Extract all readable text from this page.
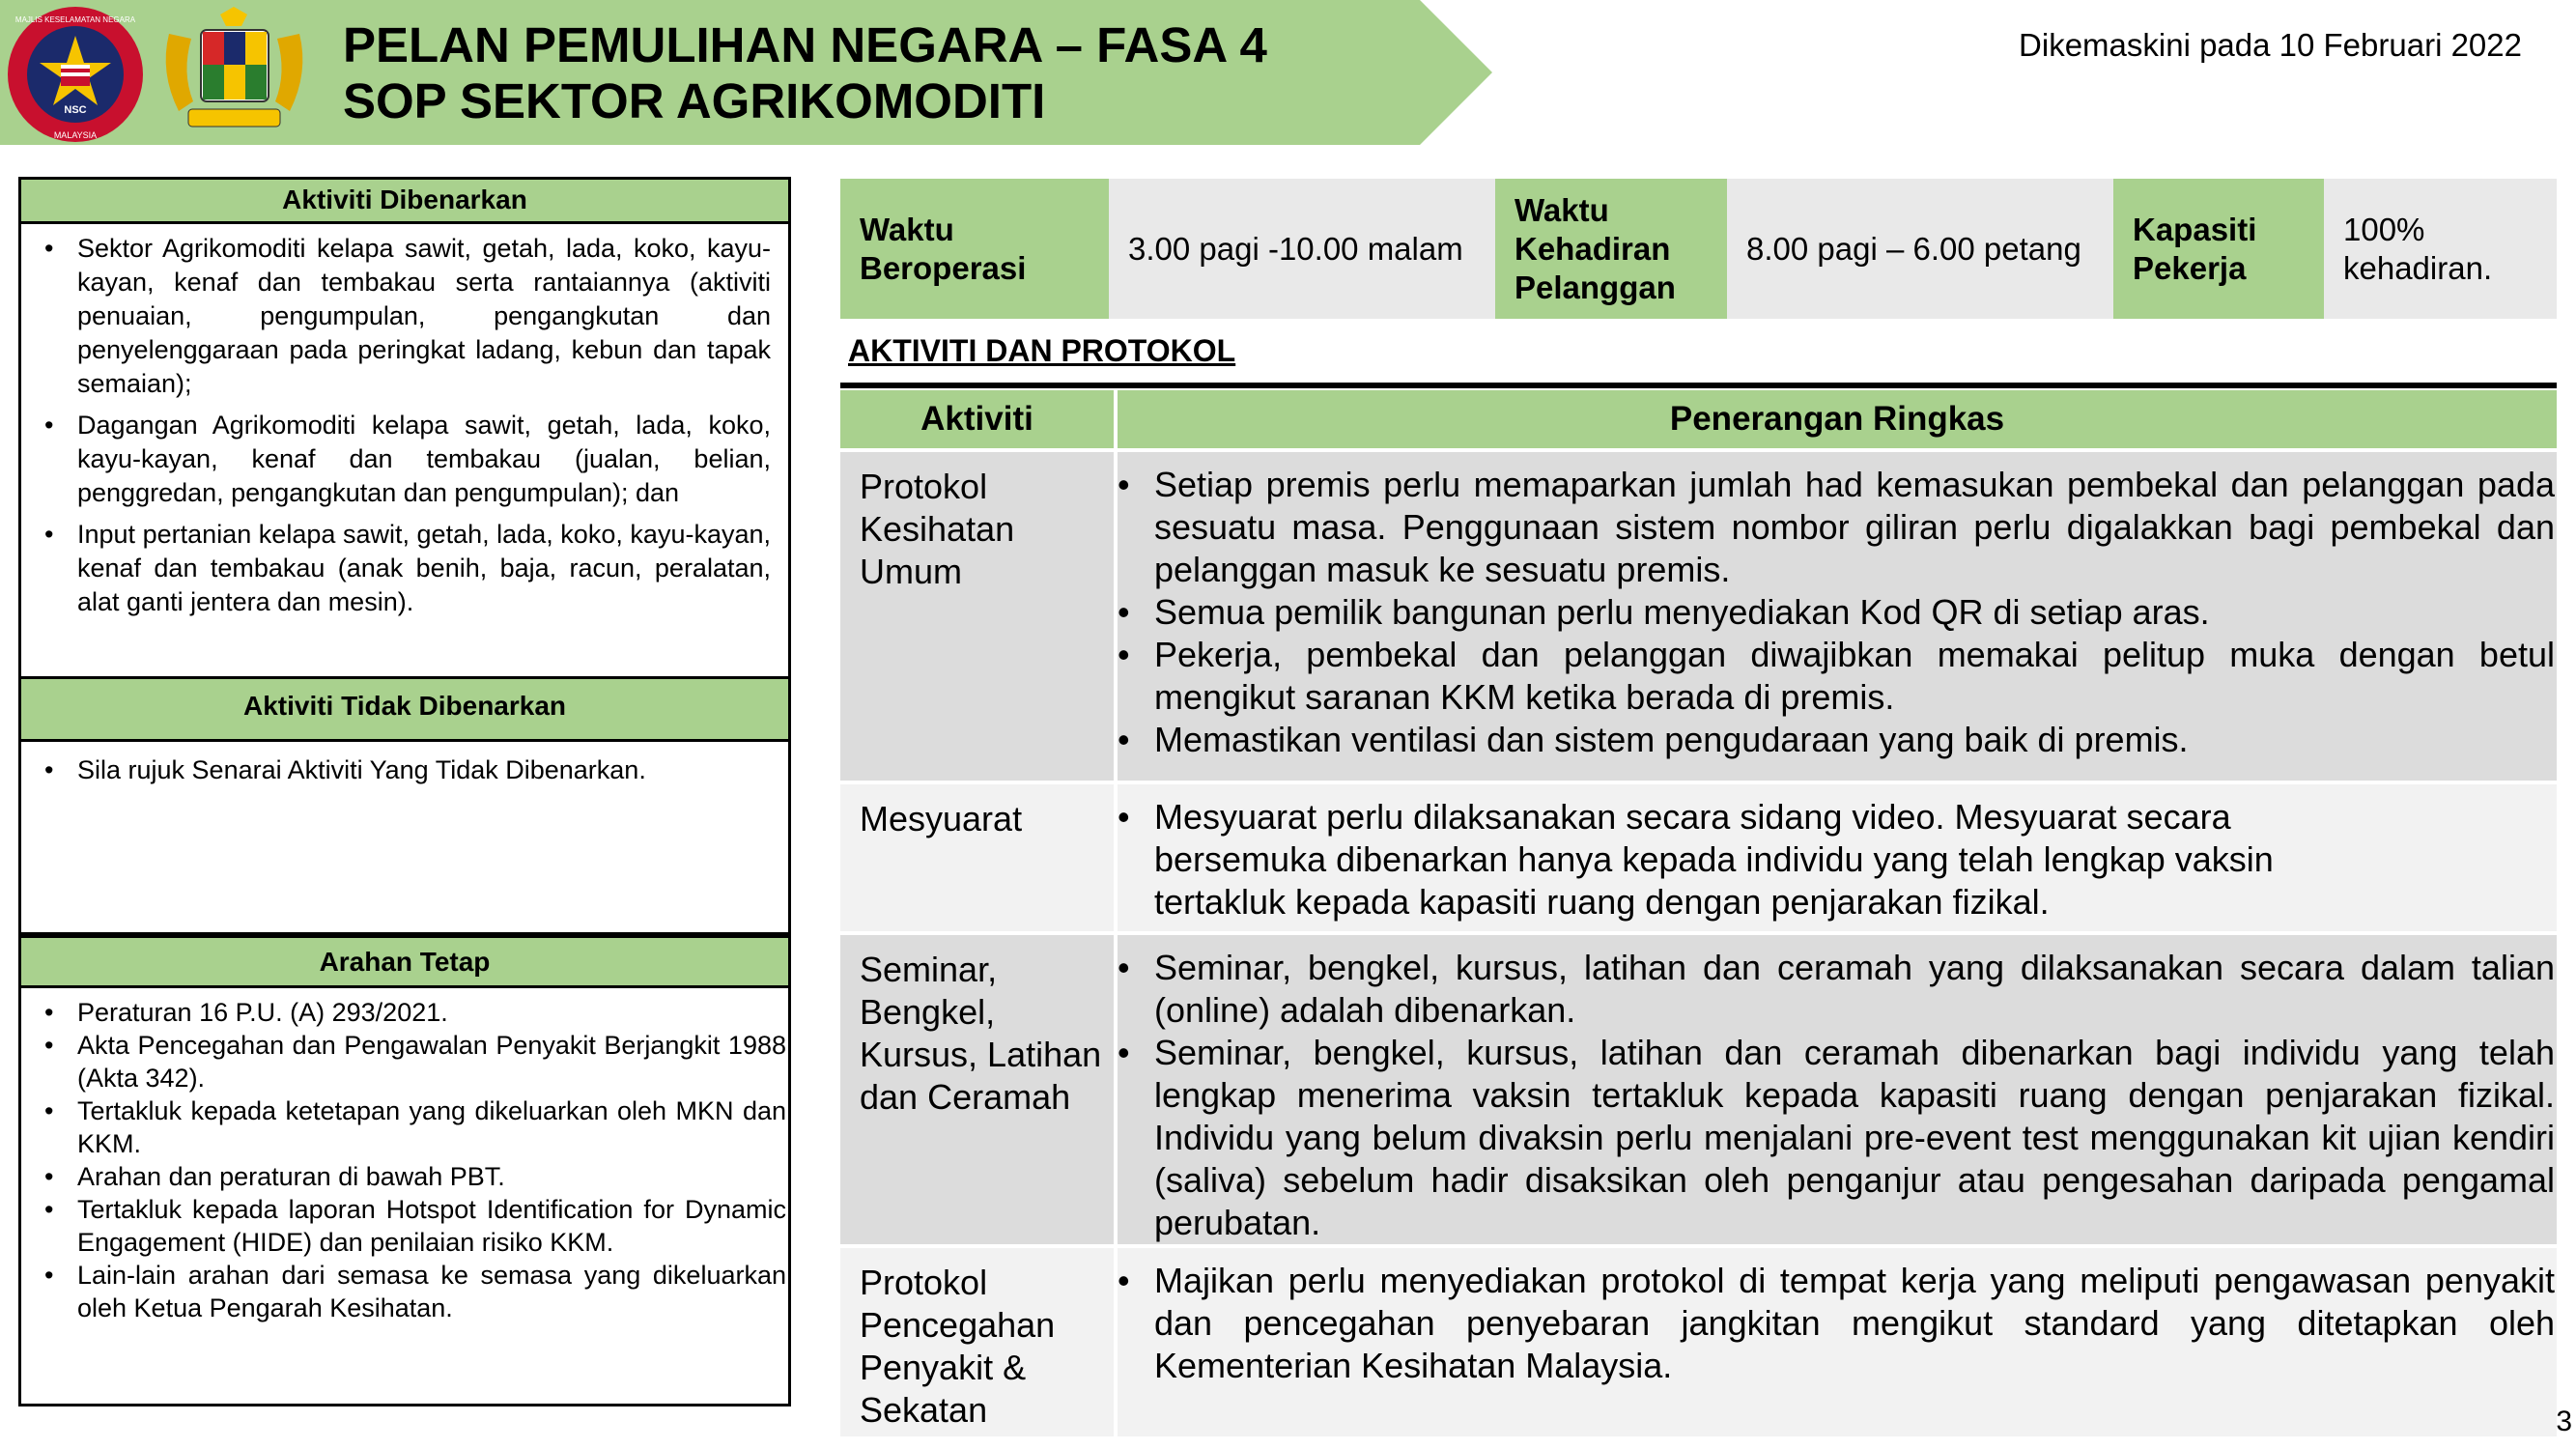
NSC
MALAYSIA
MAJLIS KESELAMATAN NEGARA	PELAN PEMULIHAN NEGARA – FASA 4
SOP SEKTOR AGRIKOMODITI
Dikemaskini pada 10 Februari 2022
Aktiviti Dibenarkan
• Sektor Agrikomoditi kelapa sawit, getah, lada, koko, kayu-kayan, kenaf dan tembakau serta rantaiannya (aktiviti penuaian, pengumpulan, pengangkutan dan penyelenggaraan pada peringkat ladang, kebun dan tapak semaian);
• Dagangan Agrikomoditi kelapa sawit, getah, lada, koko, kayu-kayan, kenaf dan tembakau (jualan, belian, penggredan, pengangkutan dan pengumpulan); dan
• Input pertanian kelapa sawit, getah, lada, koko, kayu-kayan, kenaf dan tembakau (anak benih, baja, racun, peralatan, alat ganti jentera dan mesin).
Aktiviti Tidak Dibenarkan
• Sila rujuk Senarai Aktiviti Yang Tidak Dibenarkan.
Arahan Tetap
• Peraturan 16 P.U. (A) 293/2021.
• Akta Pencegahan dan Pengawalan Penyakit Berjangkit 1988 (Akta 342).
• Tertakluk kepada ketetapan yang dikeluarkan oleh MKN dan KKM.
• Arahan dan peraturan di bawah PBT.
• Tertakluk kepada laporan Hotspot Identification for Dynamic Engagement (HIDE) dan penilaian risiko KKM.
• Lain-lain arahan dari semasa ke semasa yang dikeluarkan oleh Ketua Pengarah Kesihatan.
Waktu Beroperasi
3.00 pagi -10.00 malam
Waktu Kehadiran Pelanggan
8.00 pagi – 6.00 petang
Kapasiti Pekerja
100% kehadiran.
AKTIVITI DAN PROTOKOL
Aktiviti	Penerangan Ringkas
Protokol Kesihatan Umum
• Setiap premis perlu memaparkan jumlah had kemasukan pembekal dan pelanggan pada sesuatu masa. Penggunaan sistem nombor giliran perlu digalakkan bagi pembekal dan pelanggan masuk ke sesuatu premis.
• Semua pemilik bangunan perlu menyediakan Kod QR di setiap aras.
• Pekerja, pembekal dan pelanggan diwajibkan memakai pelitup muka dengan betul mengikut saranan KKM ketika berada di premis.
• Memastikan ventilasi dan sistem pengudaraan yang baik di premis.
Mesyuarat
•	Mesyuarat perlu dilaksanakan secara sidang video. Mesyuarat secara bersemuka dibenarkan hanya kepada individu yang telah lengkap vaksin tertakluk kepada kapasiti ruang dengan penjarakan fizikal.
Seminar, Bengkel, Kursus, Latihan dan Ceramah
• Seminar, bengkel, kursus, latihan dan ceramah yang dilaksanakan secara dalam talian (online) adalah dibenarkan.
• Seminar, bengkel, kursus, latihan dan ceramah dibenarkan bagi individu yang telah lengkap menerima vaksin tertakluk kepada kapasiti ruang dengan penjarakan fizikal. Individu yang belum divaksin perlu menjalani pre-event test menggunakan kit ujian kendiri (saliva) sebelum hadir disaksikan oleh penganjur atau pengesahan daripada pengamal perubatan.
Protokol Pencegahan Penyakit & Sekatan
• Majikan perlu menyediakan protokol di tempat kerja yang meliputi pengawasan penyakit dan pencegahan penyebaran jangkitan mengikut standard yang ditetapkan oleh Kementerian Kesihatan Malaysia.
3
